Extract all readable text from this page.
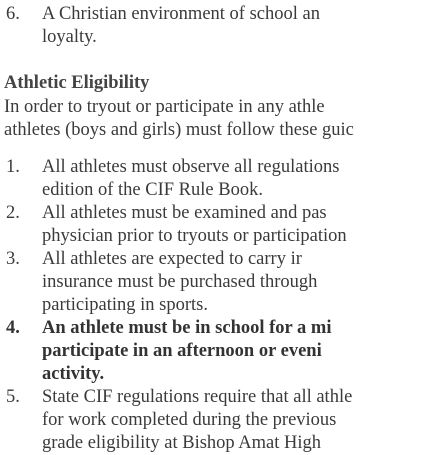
6. A Christian environment of school an
loyalty.
Athletic Eligibility
In order to tryout or participate in any athle
athletes (boys and girls) must follow these guic
1.	All athletes must observe all regulations
edition of the CIF Rule Book.
2.	All athletes must be examined and pas
physician prior to tryouts or participation
3.	All athletes are expected to carry ir
insurance must be purchased through
participating in sports.
4.	An athlete must be in school for a mi
participate in an afternoon or eveni
activity.
5.	State CIF regulations require that all athle
for work completed during the previous
grade eligibility at Bishop Amat High
